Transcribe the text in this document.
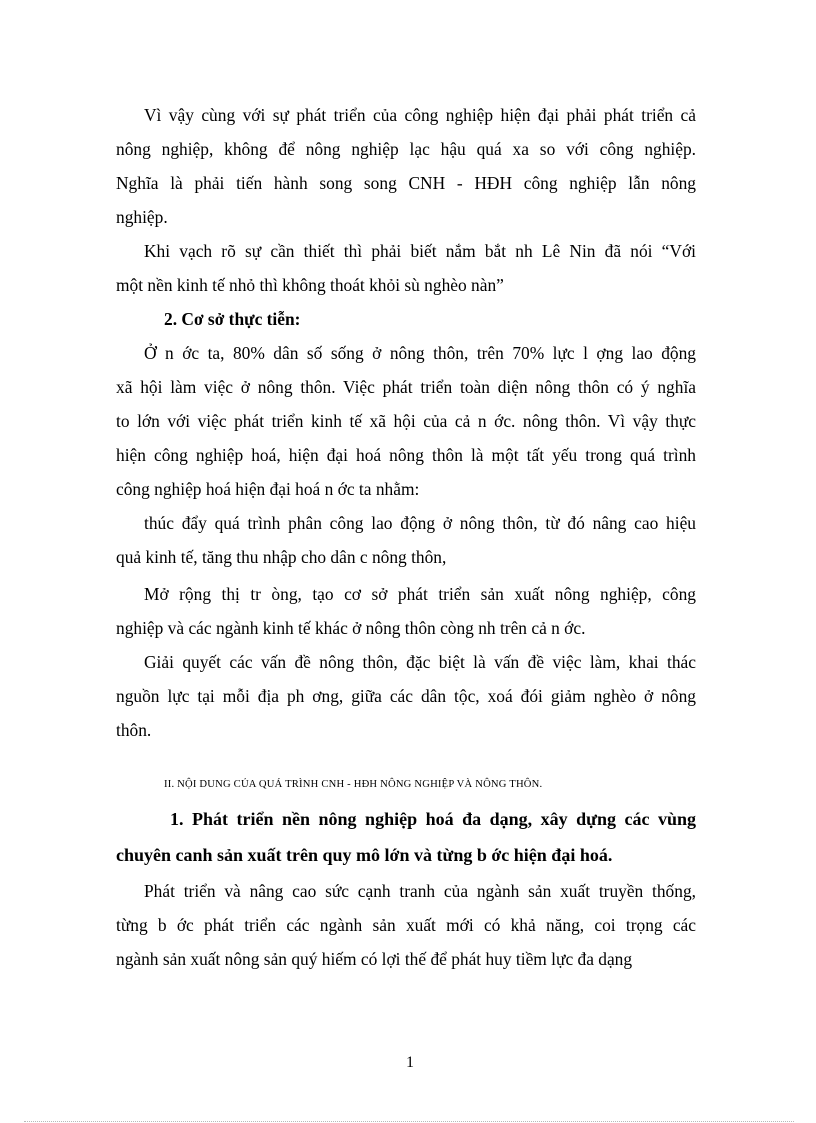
Vì vậy cùng với sự phát triển của công nghiệp hiện đại phải phát triển cả
nông nghiệp, không để nông nghiệp lạc hậu quá xa so với công nghiệp.
Nghĩa là phải tiến hành song song CNH - HĐH công nghiệp lẫn nông
nghiệp.
Khi vạch rõ sự cần thiết thì phải biết nắm bắt nh Lê Nin đã nói “Với
một nền kinh tế nhỏ thì không thoát khỏi sù nghèo nàn”
2. Cơ sở thực tiễn:
Ở n ớc ta, 80% dân số sống ở nông thôn, trên 70% lực l ợng lao động
xã hội làm việc ở nông thôn. Việc phát triển toàn diện nông thôn có ý nghĩa
to lớn với việc phát triển kinh tế xã hội của cả n ớc. nông thôn. Vì vậy thực
hiện công nghiệp hoá, hiện đại hoá nông thôn là một tất yếu trong quá trình
công nghiệp hoá hiện đại hoá n ớc ta nhằm:
thúc đẩy quá trình phân công lao động ở nông thôn, từ đó nâng cao hiệu
quả kinh tế, tăng thu nhập cho dân c nông thôn,
Mở rộng thị tr òng, tạo cơ sở phát triển sản xuất nông nghiệp, công
nghiệp và các ngành kinh tế khác ở nông thôn còng nh trên cả n ớc.
Giải quyết các vấn đề nông thôn, đặc biệt là vấn đề việc làm, khai thác
nguồn lực tại mỗi địa ph ơng, giữa các dân tộc, xoá đói giảm nghèo ở nông
thôn.
II. NỘI DUNG CỦA QUÁ TRÌNH CNH - HĐH NÔNG NGHIỆP VÀ NÔNG THÔN.
1. Phát triển nền nông nghiệp hoá đa dạng, xây dựng các vùng
chuyên canh sản xuất trên quy mô lớn và từng b ớc hiện đại hoá.
Phát triển và nâng cao sức cạnh tranh của ngành sản xuất truyền thống,
từng b ớc phát triển các ngành sản xuất mới có khả năng, coi trọng các
ngành sản xuất nông sản quý hiếm có lợi thế để phát huy tiềm lực đa dạng
1
